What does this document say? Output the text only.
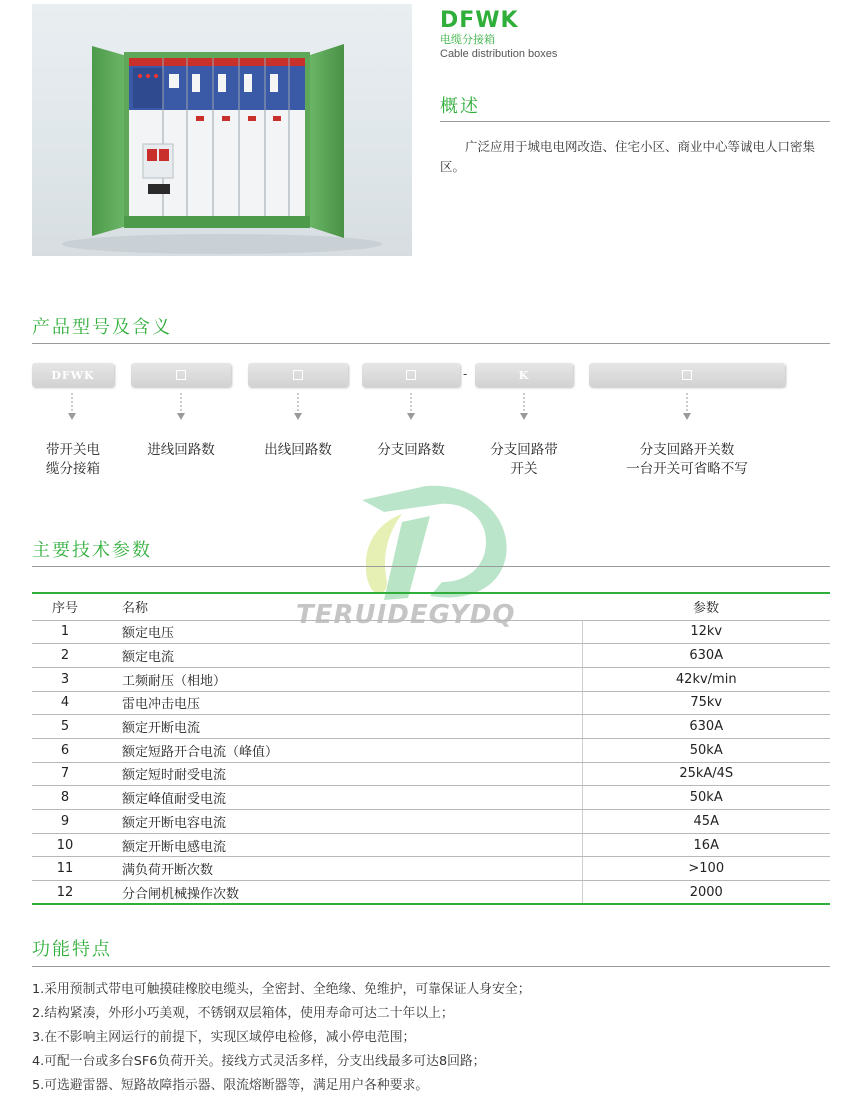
DFWK
电缆分接箱
Cable distribution boxes
概述

广泛应用于城电电网改造、住宅小区、商业中心等诚电人口密集区。

产品型号及含义
DFWK	-	K
带开关电
缆分接箱
进线回路数	出线回路数	分支回路数	分支回路带
开关
分支回路开关数
一台开关可省略不写
TERUIDEGYDQ
主要技术参数
序号	名称	参数
1	额定电压	12kv
2	额定电流	630A
3	工频耐压（相地）	42kv/min
4	雷电冲击电压	75kv
5	额定开断电流	630A
6	额定短路开合电流（峰值）	50kA
7	额定短时耐受电流	25kA/4S
8	额定峰值耐受电流	50kA
9	额定开断电容电流	45A
10	额定开断电感电流	16A
11	满负荷开断次数	>100
12	分合闸机械操作次数	2000
功能特点
1.采用预制式带电可触摸硅橡胶电缆头，全密封、全绝缘、免维护，可靠保证人身安全；
2.结构紧凑，外形小巧美观，不锈钢双层箱体，使用寿命可达二十年以上；
3.在不影响主网运行的前提下，实现区域停电检修，减小停电范围；
4.可配一台或多台SF6负荷开关。接线方式灵活多样，分支出线最多可达8回路；
5.可选避雷器、短路故障指示器、限流熔断器等，满足用户各种要求。
